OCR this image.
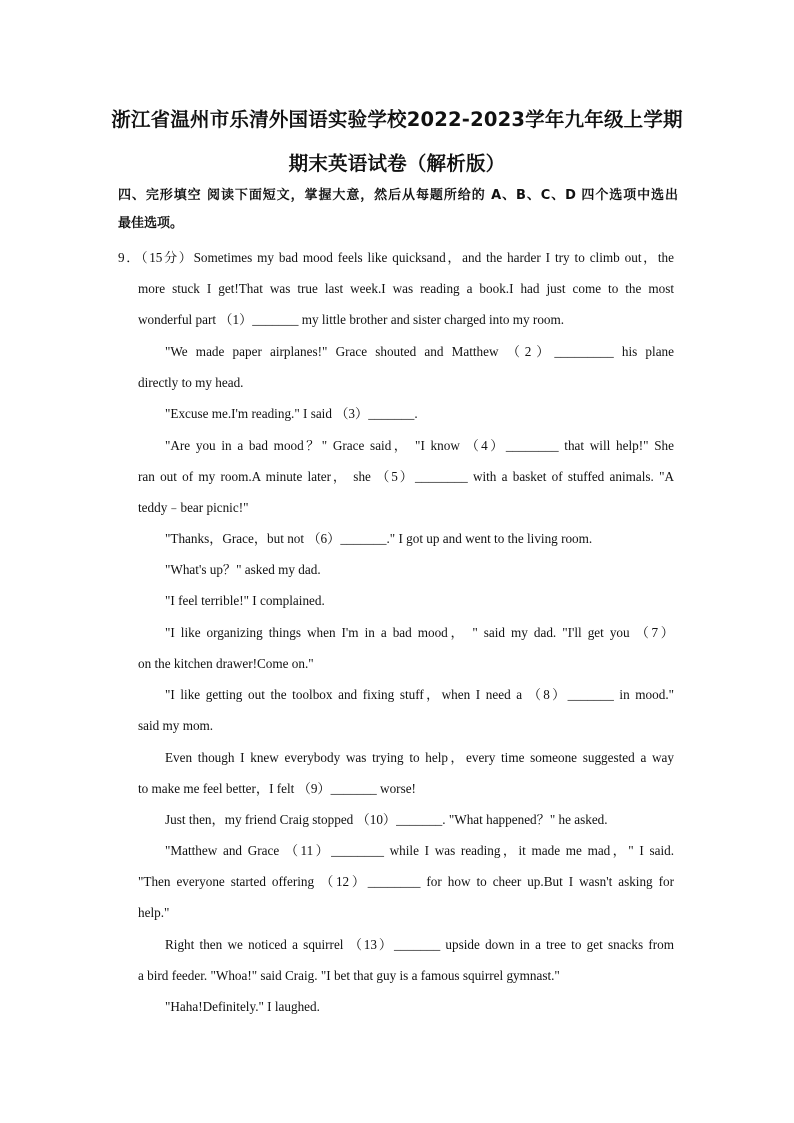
浙江省温州市乐清外国语实验学校2022-2023学年九年级上学期
期末英语试卷（解析版）
四、完形填空 阅读下面短文，掌握大意，然后从每题所给的 A、B、C、D 四个选项中选出
最佳选项。
9．（15分）Sometimes my bad mood feels like quicksand，and the harder I try to climb out，the
more stuck I get!That was true last week.I was reading a book.I had just come to the most
wonderful part （1）_______ my little brother and sister charged into my room.
"We made paper airplanes!" Grace shouted and Matthew （2）_________ his plane
directly to my head.
"Excuse me.I'm reading." I said （3）_______.
"Are you in a bad mood？" Grace said， "I know （4）________ that will help!" She
ran out of my room.A minute later， she （5）________ with a basket of stuffed animals. "A
teddy﹣bear picnic!"
"Thanks，Grace，but not （6）_______." I got up and went to the living room.
"What's up？" asked my dad.
"I feel terrible!" I complained.
"I like organizing things when I'm in a bad mood， " said my dad. "I'll get you （7）
on the kitchen drawer!Come on."
"I like getting out the toolbox and fixing stuff，when I need a （8）_______ in mood."
said my mom.
Even though I knew everybody was trying to help，every time someone suggested a way
to make me feel better，I felt （9）_______ worse!
Just then，my friend Craig stopped （10）_______. "What happened？" he asked.
"Matthew and Grace （11）________ while I was reading，it made me mad，" I said.
"Then everyone started offering （12）________ for how to cheer up.But I wasn't asking for
help."
Right then we noticed a squirrel （13）_______ upside down in a tree to get snacks from
a bird feeder. "Whoa!" said Craig. "I bet that guy is a famous squirrel gymnast."
"Haha!Definitely." I laughed.
